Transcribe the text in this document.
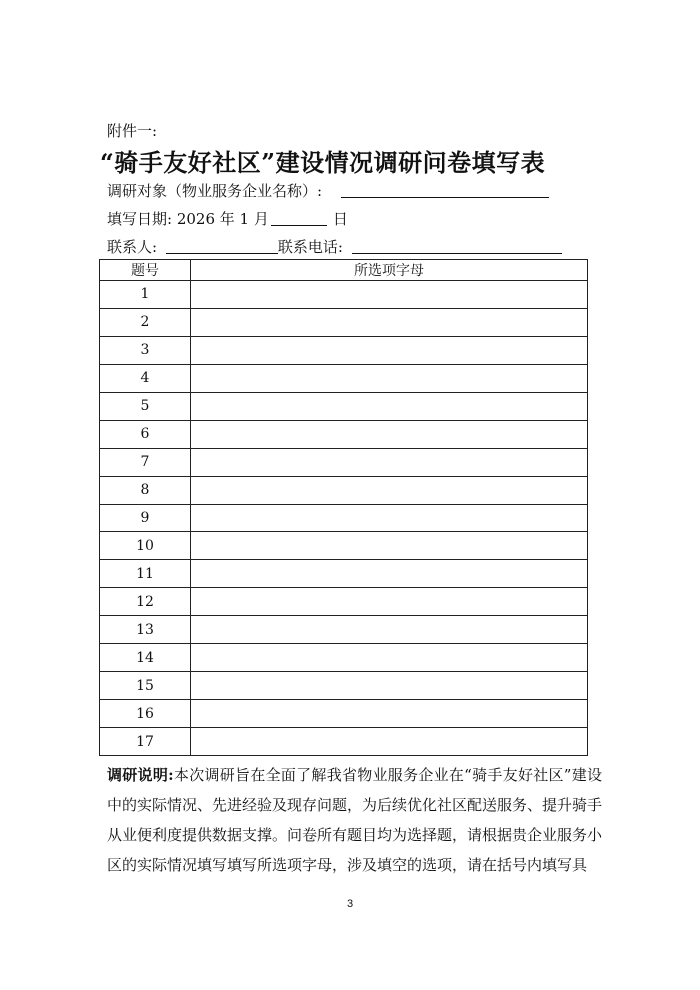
附件一:
“骑手友好社区”建设情况调研问卷填写表
调研对象（物业服务企业名称）:
填写日期: 2026 年 1 月	日
联系人:	联系电话:
题号	所选项字母
1	
2	
3	
4	
5	
6	
7	
8	
9	
10	
11	
12	
13	
14	
15	
16	
17	
调研说明:本次调研旨在全面了解我省物业服务企业在“骑手友好社区”建设中的实际情况、先进经验及现存问题，为后续优化社区配送服务、提升骑手从业便利度提供数据支撑。问卷所有题目均为选择题，请根据贵企业服务小区的实际情况填写填写所选项字母，涉及填空的选项，请在括号内填写具
3
